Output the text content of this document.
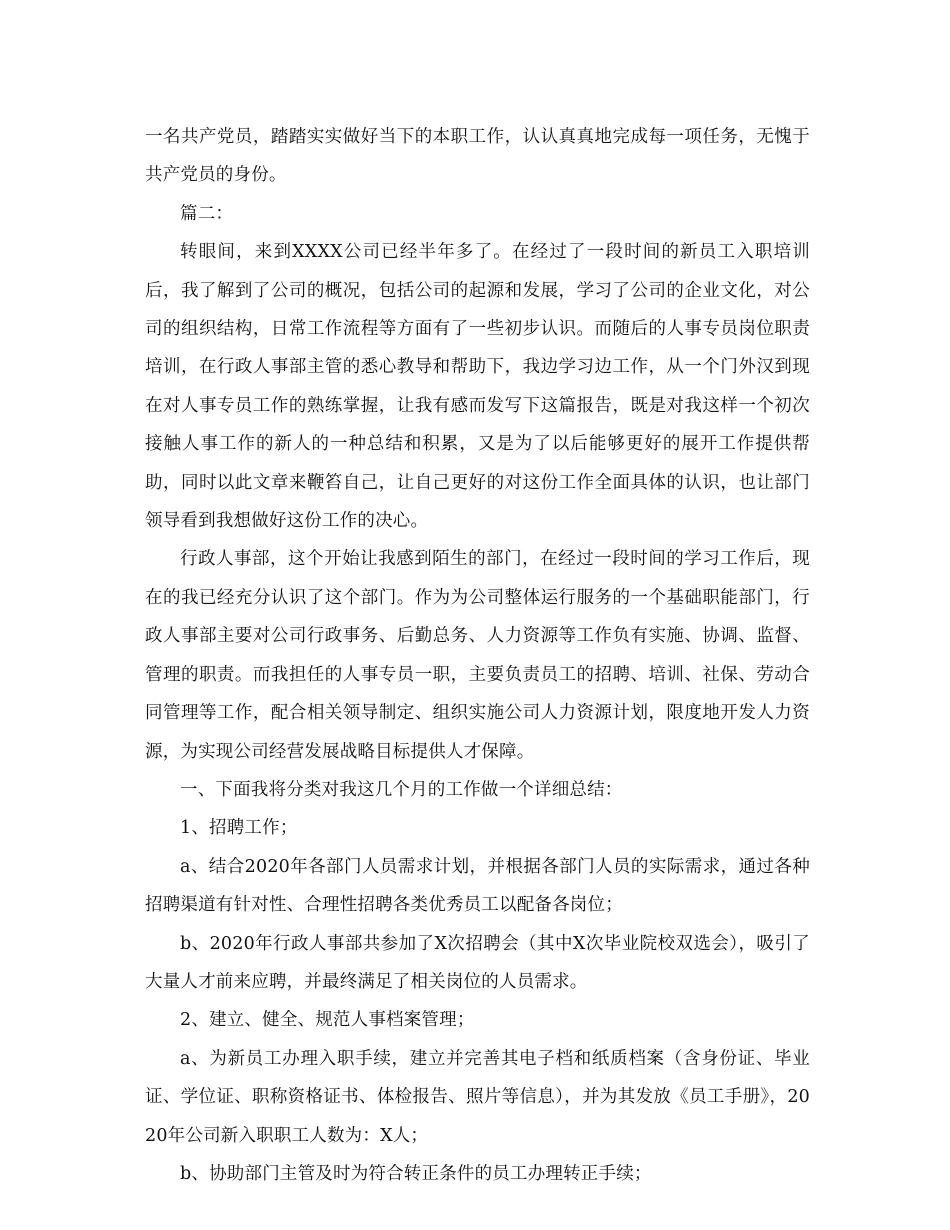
一名共产党员，踏踏实实做好当下的本职工作，认认真真地完成每一项任务，无愧于共产党员的身份。

篇二：

转眼间，来到XXXX公司已经半年多了。在经过了一段时间的新员工入职培训后，我了解到了公司的概况，包括公司的起源和发展，学习了公司的企业文化，对公司的组织结构，日常工作流程等方面有了一些初步认识。而随后的人事专员岗位职责培训，在行政人事部主管的悉心教导和帮助下，我边学习边工作，从一个门外汉到现在对人事专员工作的熟练掌握，让我有感而发写下这篇报告，既是对我这样一个初次接触人事工作的新人的一种总结和积累，又是为了以后能够更好的展开工作提供帮助，同时以此文章来鞭笞自己，让自己更好的对这份工作全面具体的认识，也让部门领导看到我想做好这份工作的决心。

行政人事部，这个开始让我感到陌生的部门，在经过一段时间的学习工作后，现在的我已经充分认识了这个部门。作为为公司整体运行服务的一个基础职能部门，行政人事部主要对公司行政事务、后勤总务、人力资源等工作负有实施、协调、监督、管理的职责。而我担任的人事专员一职，主要负责员工的招聘、培训、社保、劳动合同管理等工作，配合相关领导制定、组织实施公司人力资源计划，限度地开发人力资源，为实现公司经营发展战略目标提供人才保障。

一、下面我将分类对我这几个月的工作做一个详细总结：

1、招聘工作；

a、结合2020年各部门人员需求计划，并根据各部门人员的实际需求，通过各种招聘渠道有针对性、合理性招聘各类优秀员工以配备各岗位；

b、2020年行政人事部共参加了X次招聘会（其中X次毕业院校双选会），吸引了大量人才前来应聘，并最终满足了相关岗位的人员需求。

2、建立、健全、规范人事档案管理；

a、为新员工办理入职手续，建立并完善其电子档和纸质档案（含身份证、毕业证、学位证、职称资格证书、体检报告、照片等信息），并为其发放《员工手册》，2020年公司新入职职工人数为：X人；

b、协助部门主管及时为符合转正条件的员工办理转正手续；
